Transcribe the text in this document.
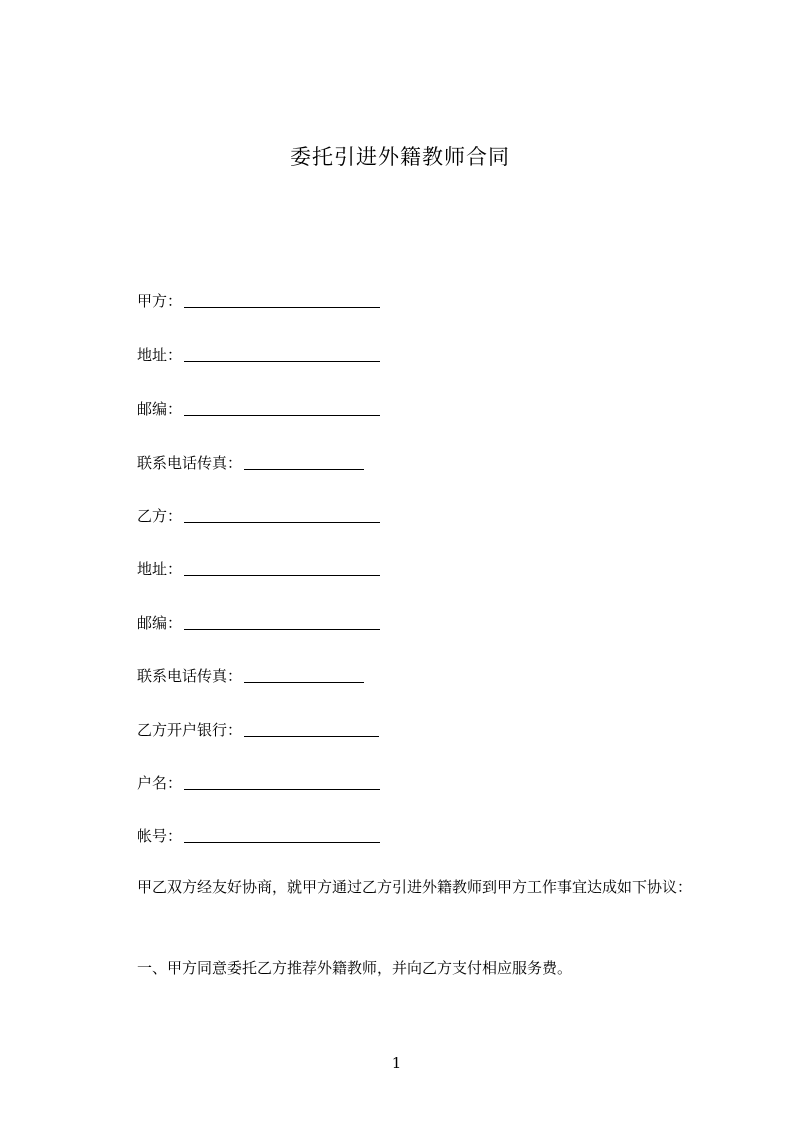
委托引进外籍教师合同
甲方：
地址：
邮编：
联系电话传真：
乙方：
地址：
邮编：
联系电话传真：
乙方开户银行：
户名：
帐号：
甲乙双方经友好协商，就甲方通过乙方引进外籍教师到甲方工作事宜达成如下协议：
一、甲方同意委托乙方推荐外籍教师，并向乙方支付相应服务费。
1
